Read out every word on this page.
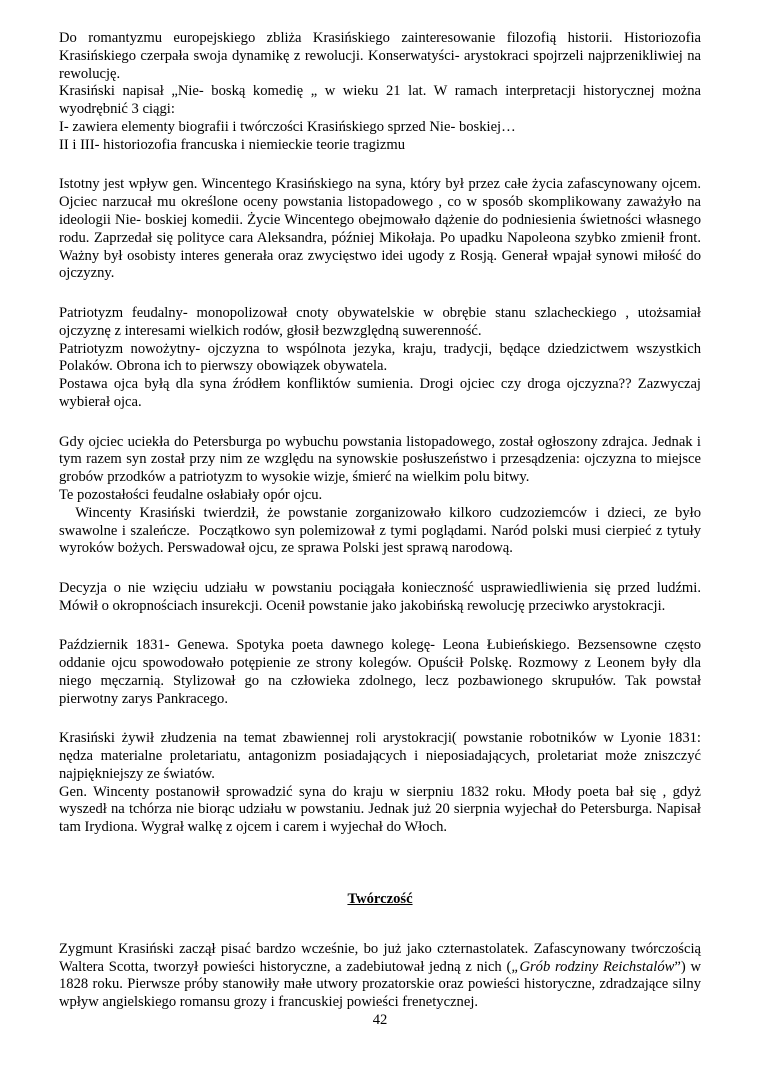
Do romantyzmu europejskiego zbliża Krasińskiego zainteresowanie filozofią historii. Historiozofia Krasińskiego czerpała swoja dynamikę z rewolucji. Konserwatyści- arystokraci spojrzeli najprzenikliwiej na rewolucję.

Krasiński napisał „Nie- boską komedię „ w wieku 21 lat. W ramach interpretacji historycznej można wyodrębnić 3 ciągi:

I- zawiera elementy biografii i twórczości Krasińskiego sprzed Nie- boskiej…

II i III- historiozofia francuska i niemieckie teorie tragizmu

Istotny jest wpływ gen. Wincentego Krasińskiego na syna, który był przez całe życia zafascynowany ojcem. Ojciec narzucał mu określone oceny powstania listopadowego , co w sposób skomplikowany zaważyło na ideologii Nie- boskiej komedii. Życie Wincentego obejmowało dążenie do podniesienia świetności własnego rodu. Zaprzedał się polityce cara Aleksandra, później Mikołaja. Po upadku Napoleona szybko zmienił front. Ważny był osobisty interes generała oraz zwycięstwo idei ugody z Rosją. Generał wpajał synowi miłość do ojczyzny.

Patriotyzm feudalny- monopolizował cnoty obywatelskie w obrębie stanu szlacheckiego , utożsamiał ojczyznę z interesami wielkich rodów, głosił bezwzględną suwerenność.

Patriotyzm nowożytny- ojczyzna to wspólnota jezyka, kraju, tradycji, będące dziedzictwem wszystkich Polaków. Obrona ich to pierwszy obowiązek obywatela.

Postawa ojca byłą dla syna źródłem konfliktów sumienia. Drogi ojciec czy droga ojczyzna?? Zazwyczaj wybierał ojca.

Gdy ojciec uciekła do Petersburga po wybuchu powstania listopadowego, został ogłoszony zdrajca. Jednak i tym razem syn został przy nim ze względu na synowskie posłuszeństwo i przesądzenia: ojczyzna to miejsce grobów przodków a patriotyzm to wysokie wizje, śmierć na wielkim polu bitwy.

Te pozostałości feudalne osłabiały opór ojcu.

Wincenty Krasiński twierdził, że powstanie zorganizowało kilkoro cudzoziemców i dzieci, ze było swawolne i szaleńcze.  Początkowo syn polemizował z tymi poglądami. Naród polski musi cierpieć z tytuły wyroków bożych. Perswadował ojcu, ze sprawa Polski jest sprawą narodową.

Decyzja o nie wzięciu udziału w powstaniu pociągała konieczność usprawiedliwienia się przed ludźmi. Mówił o okropnościach insurekcji. Ocenił powstanie jako jakobińską rewolucję przeciwko arystokracji.

Październik 1831- Genewa. Spotyka poeta dawnego kolegę- Leona Łubieńskiego. Bezsensowne często oddanie ojcu spowodowało potępienie ze strony kolegów. Opuścił Polskę. Rozmowy z Leonem były dla niego męczarnią. Stylizował go na człowieka zdolnego, lecz pozbawionego skrupułów. Tak powstał pierwotny zarys Pankracego.

Krasiński żywił złudzenia na temat zbawiennej roli arystokracji( powstanie robotników w Lyonie 1831: nędza materialne proletariatu, antagonizm posiadających i nieposiadających, proletariat może zniszczyć najpiękniejszy ze światów.

Gen. Wincenty postanowił sprowadzić syna do kraju w sierpniu 1832 roku. Młody poeta bał się , gdyż wyszedł na tchórza nie biorąc udziału w powstaniu. Jednak już 20 sierpnia wyjechał do Petersburga. Napisał tam Irydiona. Wygrał walkę z ojcem i carem i wyjechał do Włoch.

Twórczość

Zygmunt Krasiński zaczął pisać bardzo wcześnie, bo już jako czternastolatek. Zafascynowany twórczością Waltera Scotta, tworzył powieści historyczne, a zadebiutował jedną z nich („Grób rodziny Reichstalów”) w 1828 roku. Pierwsze próby stanowiły małe utwory prozatorskie oraz powieści historyczne, zdradzające silny wpływ angielskiego romansu grozy i francuskiej powieści frenetycznej.

42
